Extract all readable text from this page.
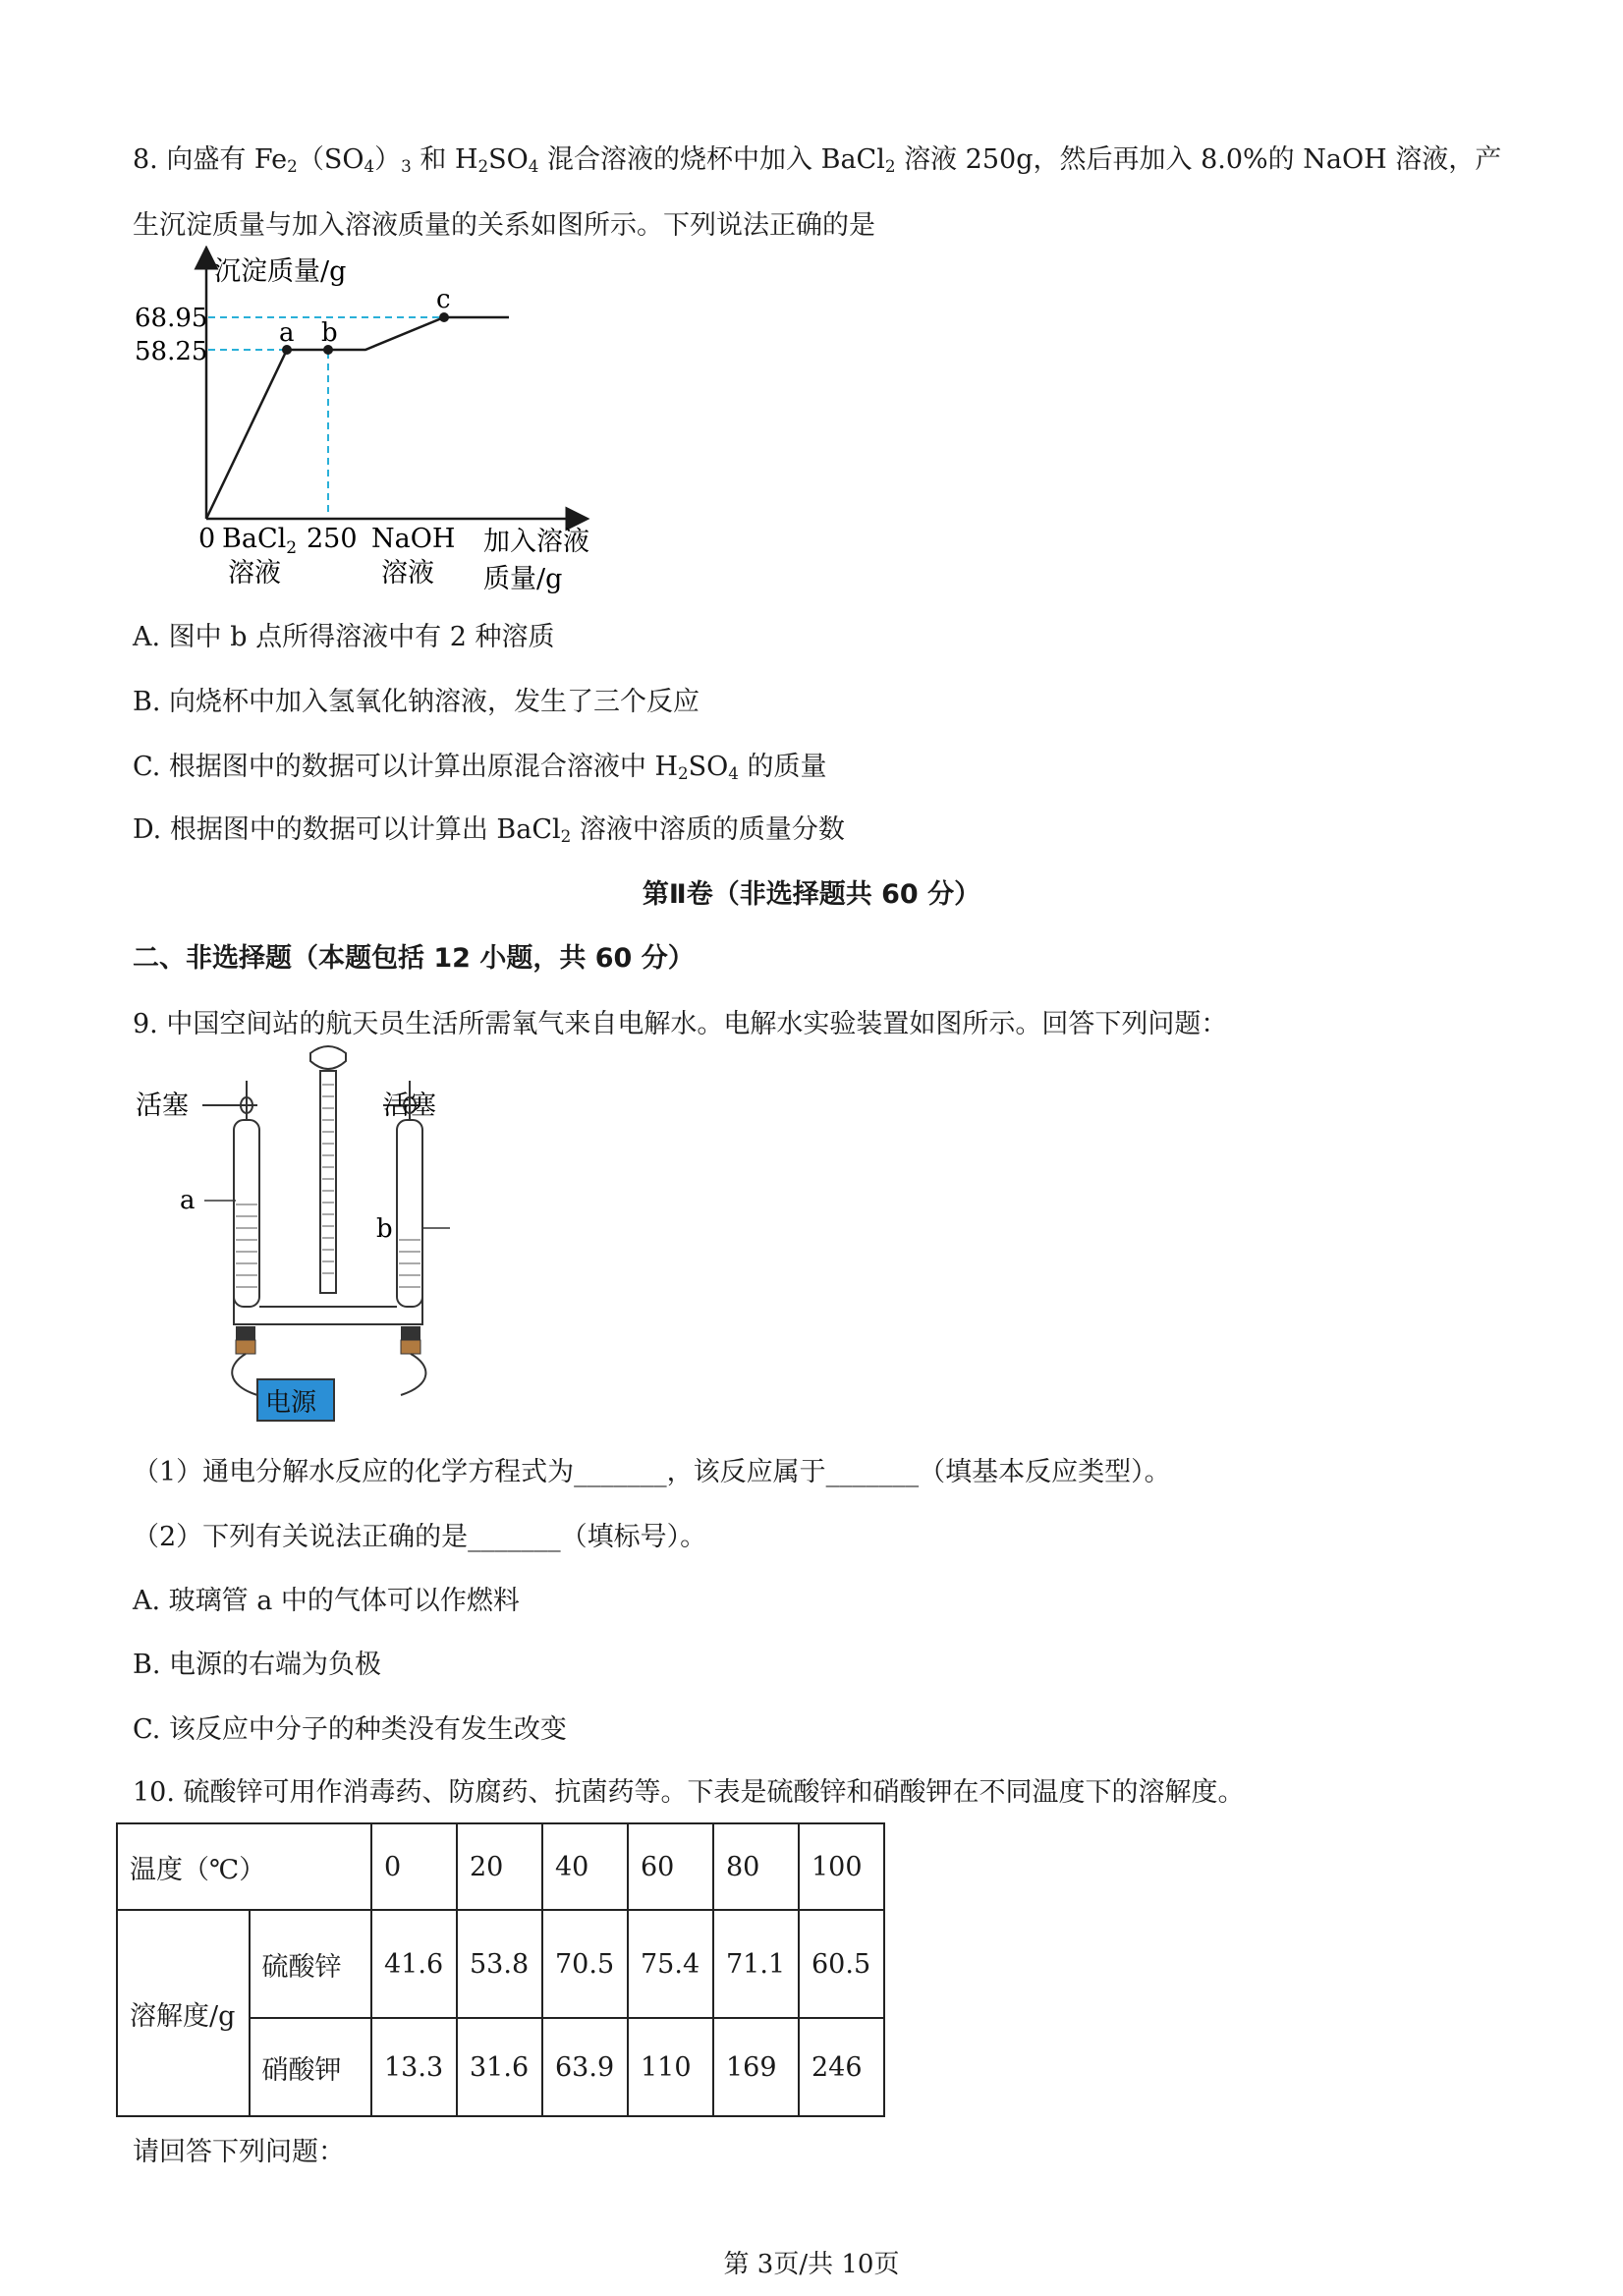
8. 向盛有 $Fe_2(SO_4)_3$ 和 $H_2SO_4$ 混合溶液的烧杯中加入 BaCl$_2$ 溶液 250g，然后再加入 8.0%的 NaOH 溶液，产
生沉淀质量与加入溶液质量的关系如图所示。下列说法正确的是
沉淀质量/g
68.95
58.25
a b
c
0 BaCl$_2$
溶液
250 NaOH
溶液
加入溶液
质量/g
A. 图中 b 点所得溶液中有 2 种溶质
B. 向烧杯中加入氢氧化钠溶液，发生了三个反应
C. 根据图中的数据可以计算出原混合溶液中 $H_2SO_4$ 的质量
D. 根据图中的数据可以计算出 BaCl$_2$ 溶液中溶质的质量分数
第Ⅱ卷（非选择题共 60 分）
二、非选择题（本题包括 12 小题，共 60 分）
9. 中国空间站的航天员生活所需氧气来自电解水。电解水实验装置如图所示。回答下列问题：
电源
活塞	活塞
a
b
（1）通电分解水反应的化学方程式为_______，该反应属于_______（填基本反应类型）。
（2）下列有关说法正确的是_______（填标号）。
A. 玻璃管 a 中的气体可以作燃料
B. 电源的右端为负极
C. 该反应中分子的种类没有发生改变
10. 硫酸锌可用作消毒药、防腐药、抗菌药等。下表是硫酸锌和硝酸钾在不同温度下的溶解度。
温度（℃）		0	20	40	60	80	100
溶解度/g	硫酸锌	41.6	53.8	70.5	75.4	71.1	60.5
	硝酸钾	13.3	31.6	63.9	110	169	246
请回答下列问题：
第 3页/共 10页
